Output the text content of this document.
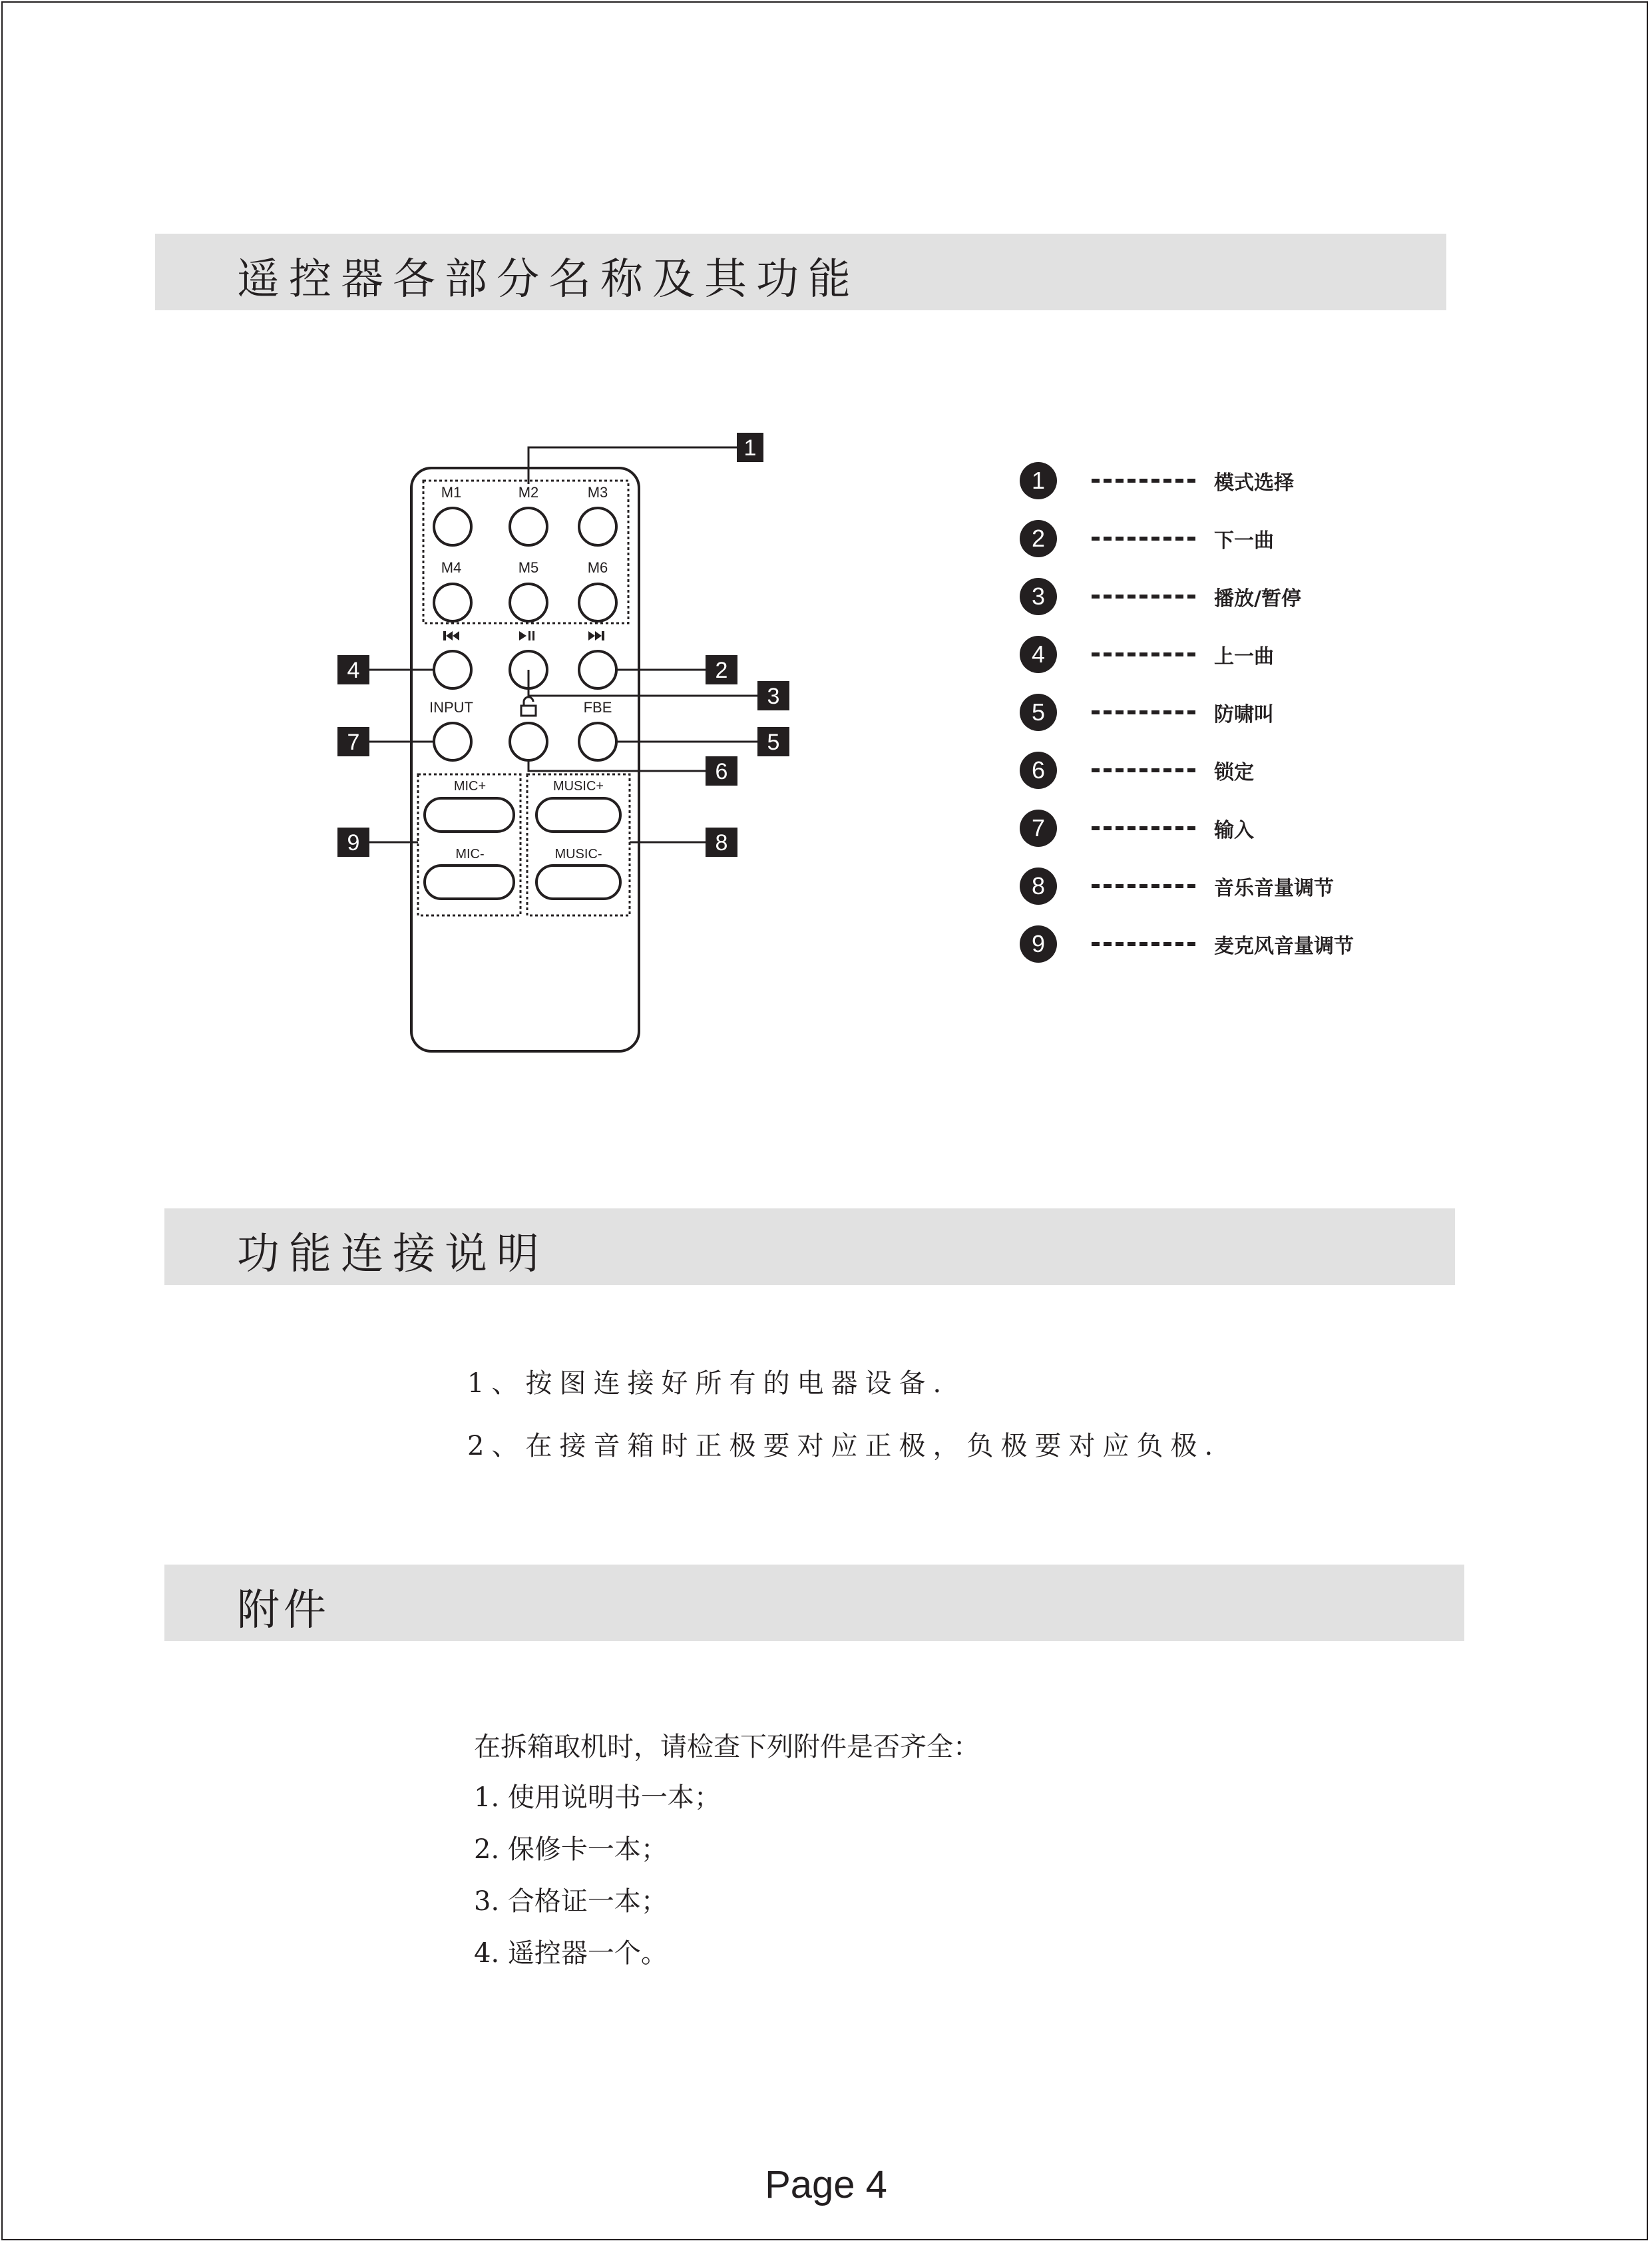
遥控器各部分名称及其功能
M1	M2	M3
M4	M5	M6
INPUT	FBE
MIC+
MIC-
MUSIC+
MUSIC-
1
4	2
3
7	5
6
9	8
1	模式选择
2	下一曲
3	播放/暂停
4	上一曲
5	防啸叫
6	锁定
7	输入
8	音乐音量调节
9	麦克风音量调节
功能连接说明
1、按图连接好所有的电器设备.
2、在接音箱时正极要对应正极，负极要对应负极.
附件
在拆箱取机时，请检查下列附件是否齐全：
1. 使用说明书一本；
2. 保修卡一本；
3. 合格证一本；
4. 遥控器一个。
Page 4
